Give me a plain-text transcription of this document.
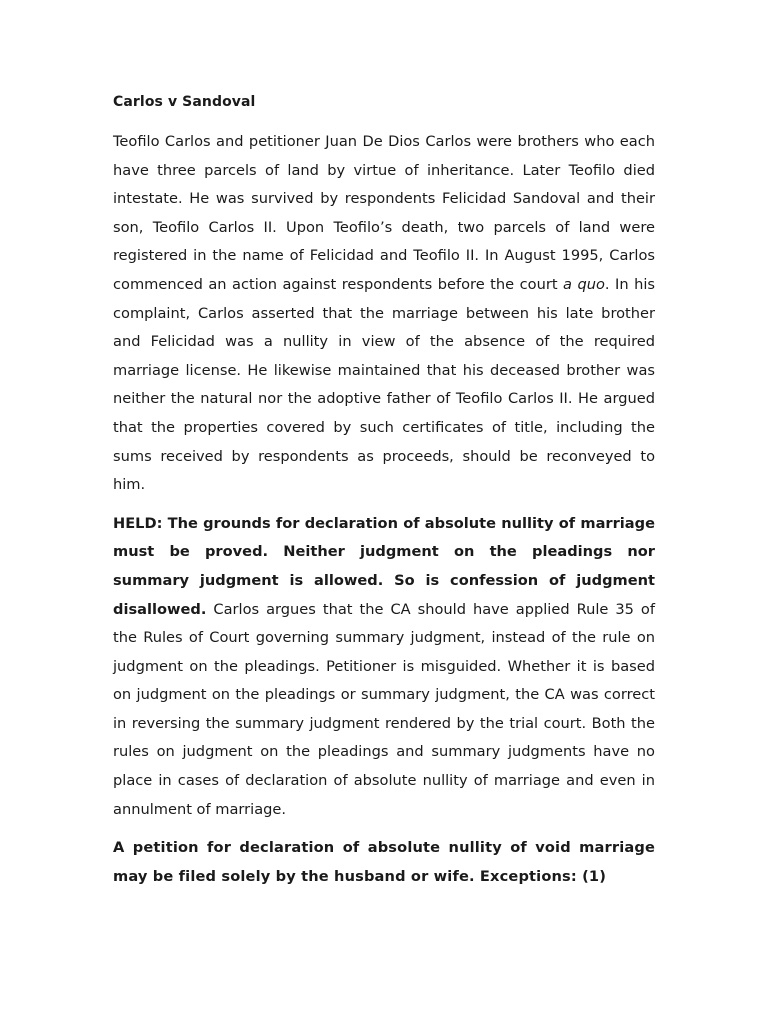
Carlos v Sandoval

Teofilo Carlos and petitioner Juan De Dios Carlos were brothers who each have three parcels of land by virtue of inheritance. Later Teofilo died intestate. He was survived by respondents Felicidad Sandoval and their son, Teofilo Carlos II. Upon Teofilo’s death, two parcels of land were registered in the name of Felicidad and Teofilo II. In August 1995, Carlos commenced an action against respondents before the court a quo. In his complaint, Carlos asserted that the marriage between his late brother and Felicidad was a nullity in view of the absence of the required marriage license. He likewise maintained that his deceased brother was neither the natural nor the adoptive father of Teofilo Carlos II. He argued that the properties covered by such certificates of title, including the sums received by respondents as proceeds, should be reconveyed to him.

HELD: The grounds for declaration of absolute nullity of marriage must be proved. Neither judgment on the pleadings nor summary judgment is allowed. So is confession of judgment disallowed. Carlos argues that the CA should have applied Rule 35 of the Rules of Court governing summary judgment, instead of the rule on judgment on the pleadings. Petitioner is misguided. Whether it is based on judgment on the pleadings or summary judgment, the CA was correct in reversing the summary judgment rendered by the trial court. Both the rules on judgment on the pleadings and summary judgments have no place in cases of declaration of absolute nullity of marriage and even in annulment of marriage.

A petition for declaration of absolute nullity of void marriage may be filed solely by the husband or wife. Exceptions: (1)
